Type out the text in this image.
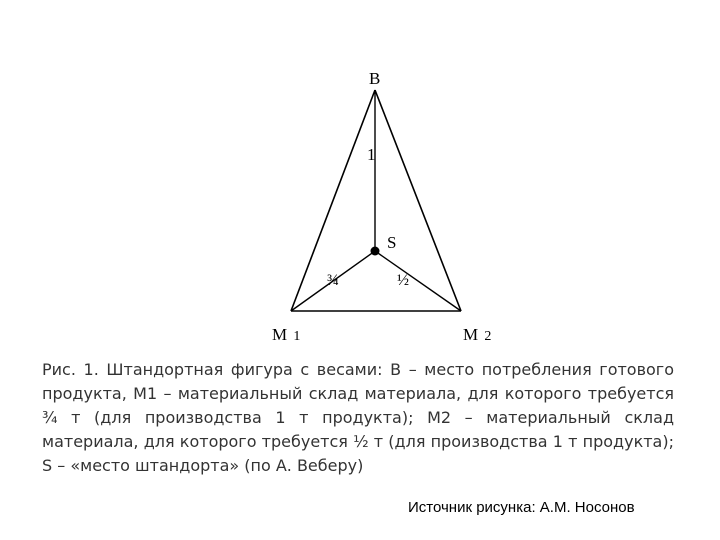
B
S
1
¾	½
M 1	M 2

Рис. 1. Штандортная фигура с весами: В – место потребления готового продукта, М1 – материальный склад материала, для которого требуется ¾ т (для производства 1 т продукта); М2 – материальный склад материала, для которого требуется ½ т (для производства 1 т продукта); S – «место штандорта» (по А. Веберу)

Источник рисунка: А.М. Носонов
